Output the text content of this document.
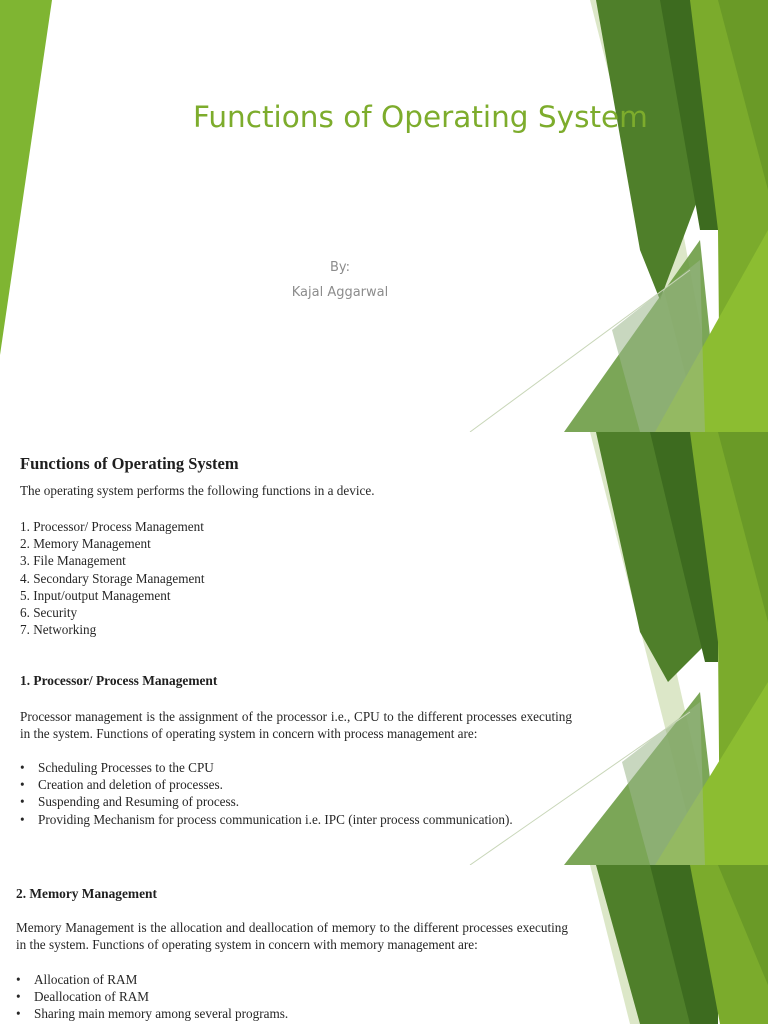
Functions of Operating System
By:
Kajal Aggarwal
Functions of Operating System
The operating system performs the following functions in a device.
1. Processor/ Process Management
2. Memory Management
3. File Management
4. Secondary Storage Management
5. Input/output Management
6. Security
7. Networking
1. Processor/ Process Management

Processor management is the assignment of the processor i.e., CPU to the different processes executing in the system. Functions of operating system in concern with process management are:

• Scheduling Processes to the CPU
• Creation and deletion of processes.
• Suspending and Resuming of process.
• Providing Mechanism for process communication i.e. IPC (inter process communication).
2. Memory Management

Memory Management is the allocation and deallocation of memory to the different processes executing in the system. Functions of operating system in concern with memory management are:

• Allocation of RAM
• Deallocation of RAM
• Sharing main memory among several programs.
